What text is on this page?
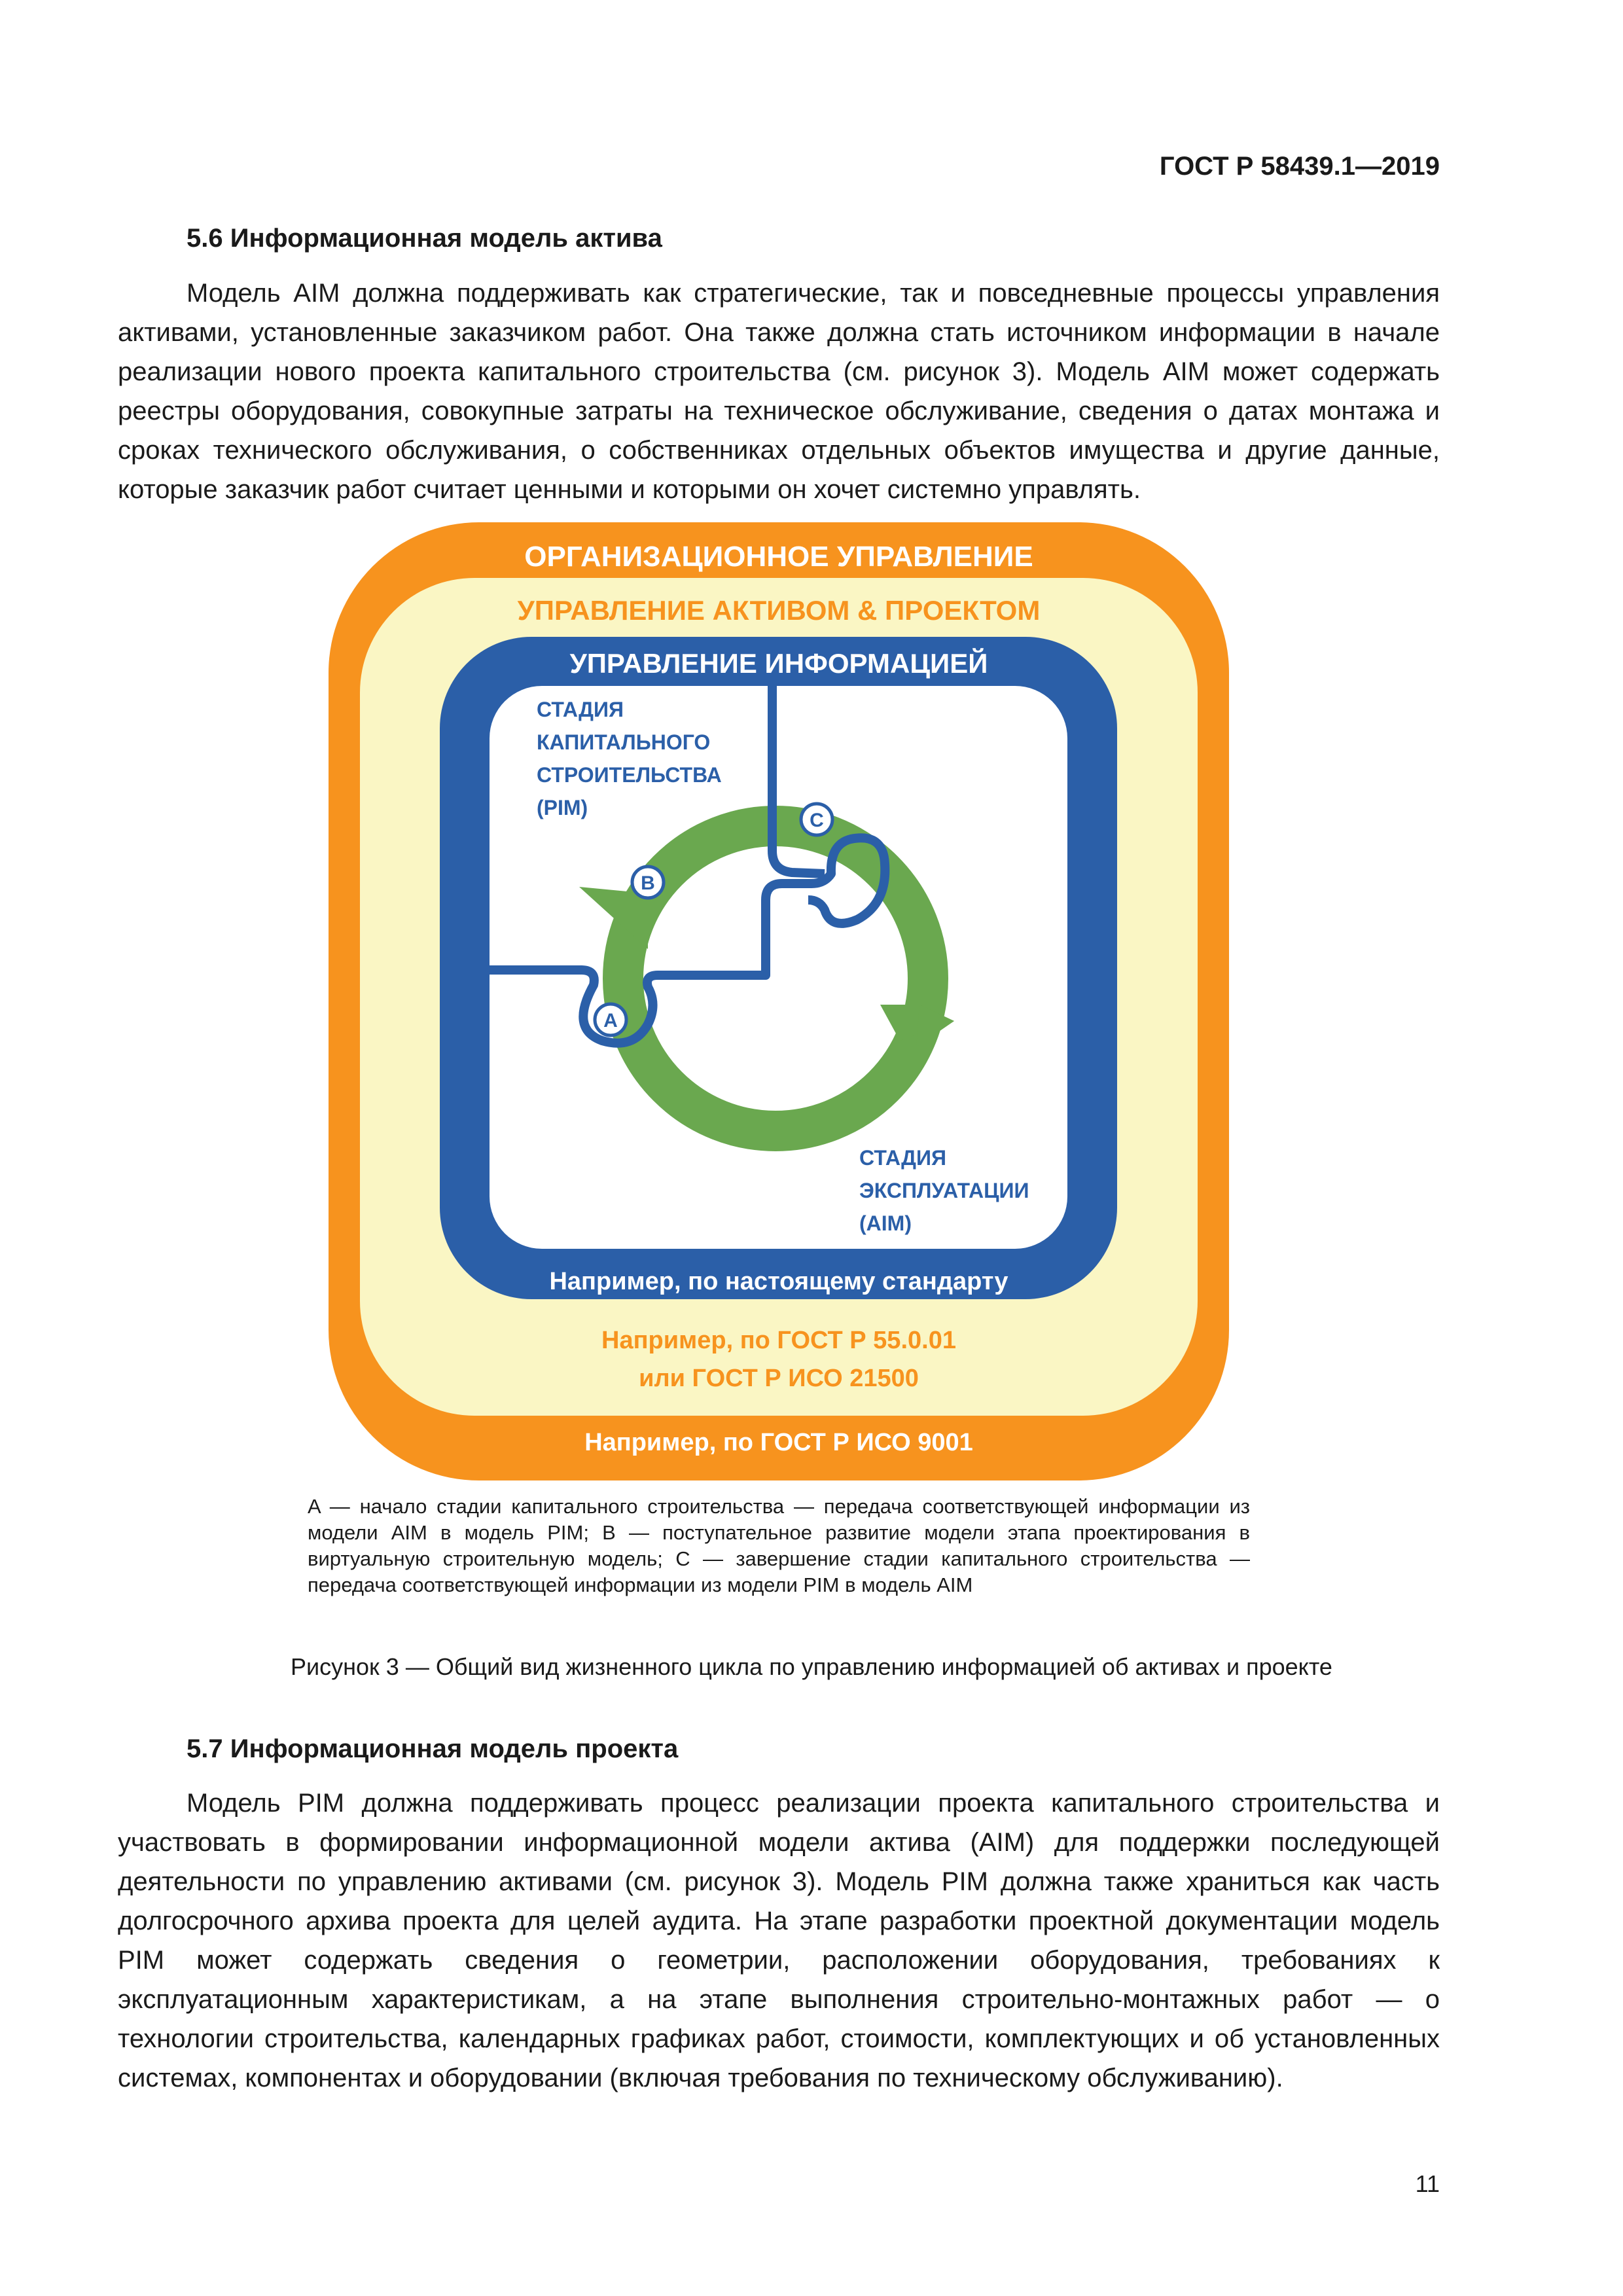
ГОСТ Р 58439.1—2019
5.6 Информационная модель актива

Модель AIM должна поддерживать как стратегические, так и повседневные процессы управления активами, установленные заказчиком работ. Она также должна стать источником информации в начале реализации нового проекта капитального строительства (см. рисунок 3). Модель AIM может содержать реестры оборудования, совокупные затраты на техническое обслуживание, сведения о датах монтажа и сроках технического обслуживания, о собственниках отдельных объектов имущества и другие данные, которые заказчик работ считает ценными и которыми он хочет системно управлять.

A
B
C
ОРГАНИЗАЦИОННОЕ УПРАВЛЕНИЕ
УПРАВЛЕНИЕ АКТИВОМ & ПРОЕКТОМ
УПРАВЛЕНИЕ ИНФОРМАЦИЕЙ
СТАДИЯ
КАПИТАЛЬНОГО
СТРОИТЕЛЬСТВА
(PIM)
СТАДИЯ
ЭКСПЛУАТАЦИИ
(AIM)
Например, по настоящему стандарту
Например, по ГОСТ Р 55.0.01
или ГОСТ Р ИСО 21500
Например, по ГОСТ Р ИСО 9001

A — начало стадии капитального строительства — передача соответствующей информации из модели AIM в модель PIM; B — поступательное развитие модели этапа проектирования в виртуальную строительную модель; C — завершение стадии капитального строительства — передача соответствующей информации из модели PIM в модель AIM

Рисунок 3 — Общий вид жизненного цикла по управлению информацией об активах и проекте
5.7 Информационная модель проекта

Модель PIM должна поддерживать процесс реализации проекта капитального строительства и участвовать в формировании информационной модели актива (AIM) для поддержки последующей деятельности по управлению активами (см. рисунок 3). Модель PIM должна также храниться как часть долгосрочного архива проекта для целей аудита. На этапе разработки проектной документации модель PIM может содержать сведения о геометрии, расположении оборудования, требованиях к эксплуатационным характеристикам, а на этапе выполнения строительно-монтажных работ — о технологии строительства, календарных графиках работ, стоимости, комплектующих и об установленных системах, компонентах и оборудовании (включая требования по техническому обслуживанию).

11
